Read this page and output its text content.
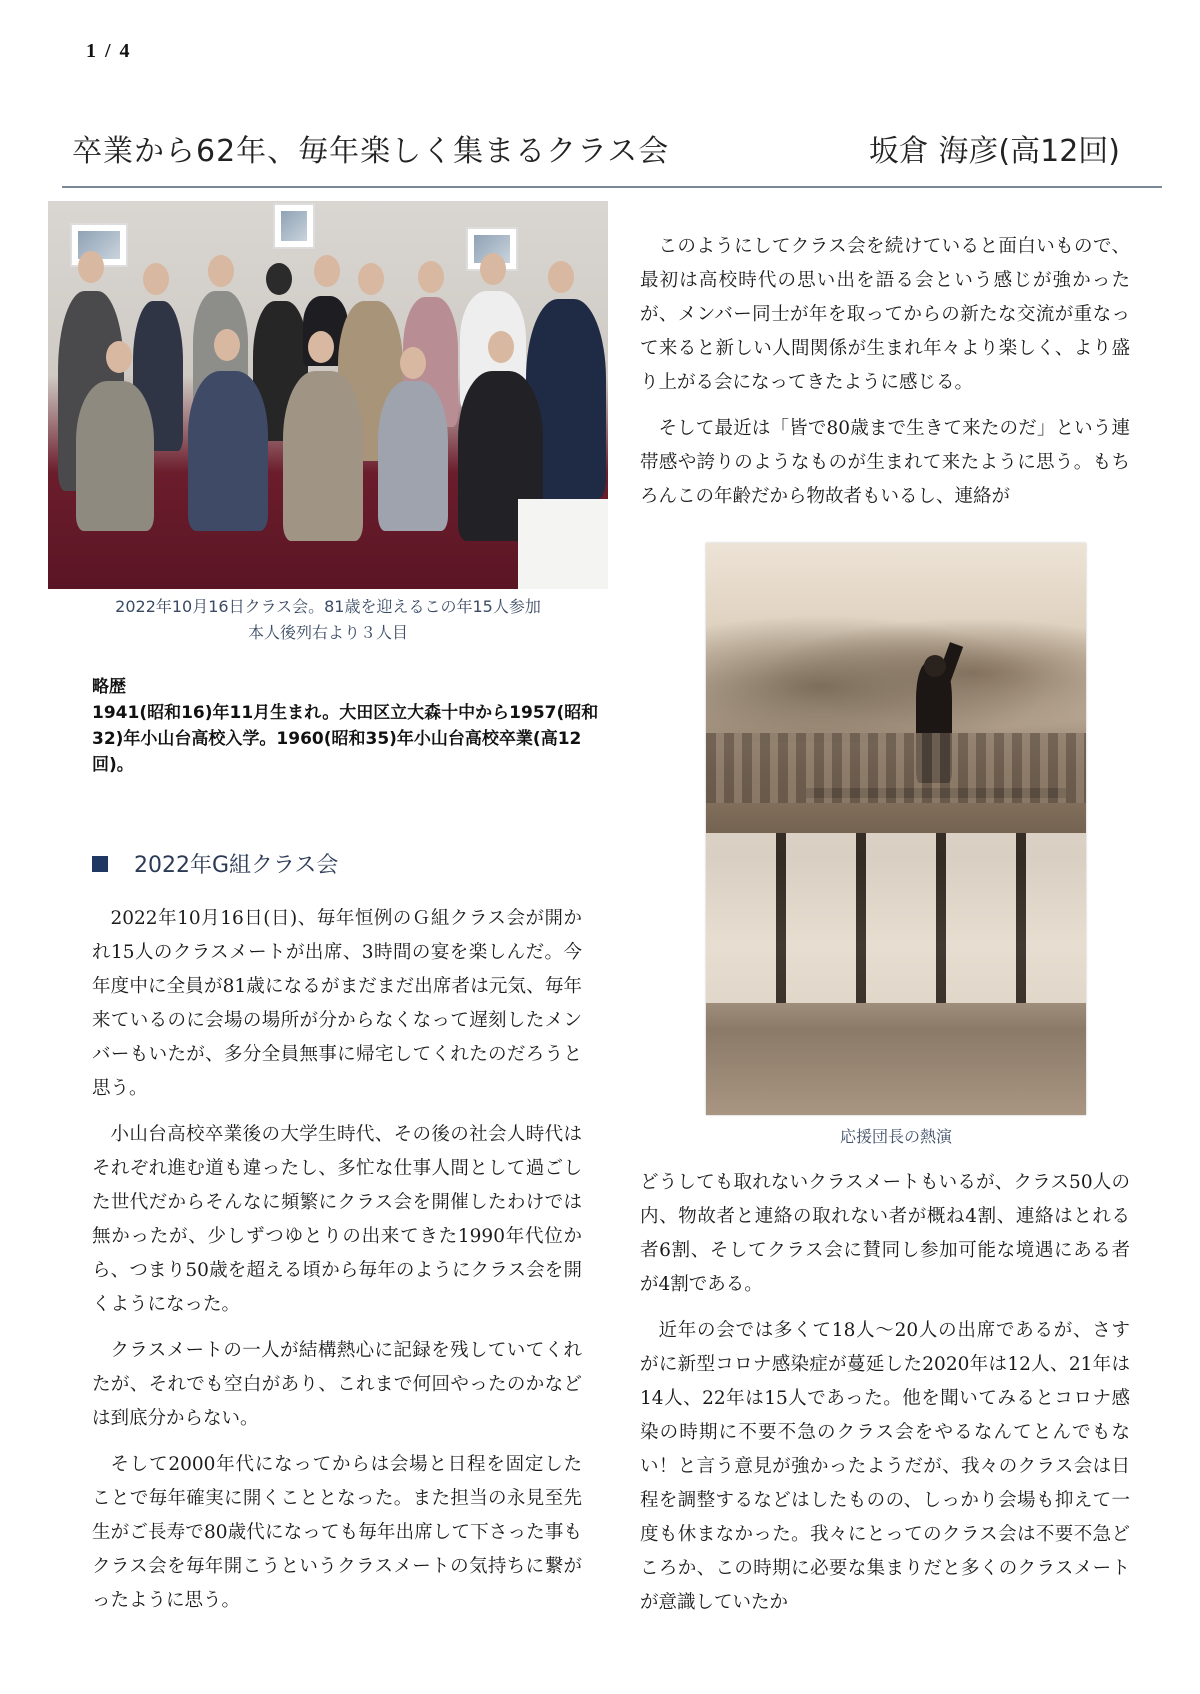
1 / 4
卒業から62年、毎年楽しく集まるクラス会	坂倉 海彦(高12回)
2022年10月16日クラス会。81歳を迎えるこの年15人参加
本人後列右より３人目
略歴
1941(昭和16)年11月生まれ。大田区立大森十中から1957(昭和32)年小山台高校入学。1960(昭和35)年小山台高校卒業(高12回)。
2022年G組クラス会

2022年10月16日(日)、毎年恒例のＧ組クラス会が開かれ15人のクラスメートが出席、3時間の宴を楽しんだ。今年度中に全員が81歳になるがまだまだ出席者は元気、毎年来ているのに会場の場所が分からなくなって遅刻したメンバーもいたが、多分全員無事に帰宅してくれたのだろうと思う。

小山台高校卒業後の大学生時代、その後の社会人時代はそれぞれ進む道も違ったし、多忙な仕事人間として過ごした世代だからそんなに頻繁にクラス会を開催したわけでは無かったが、少しずつゆとりの出来てきた1990年代位から、つまり50歳を超える頃から毎年のようにクラス会を開くようになった。

クラスメートの一人が結構熱心に記録を残していてくれたが、それでも空白があり、これまで何回やったのかなどは到底分からない。

そして2000年代になってからは会場と日程を固定したことで毎年確実に開くこととなった。また担当の永見至先生がご長寿で80歳代になっても毎年出席して下さった事もクラス会を毎年開こうというクラスメートの気持ちに繋がったように思う。

このようにしてクラス会を続けていると面白いもので、最初は高校時代の思い出を語る会という感じが強かったが、メンバー同士が年を取ってからの新たな交流が重なって来ると新しい人間関係が生まれ年々より楽しく、より盛り上がる会になってきたように感じる。

そして最近は「皆で80歳まで生きて来たのだ」という連帯感や誇りのようなものが生まれて来たように思う。もちろんこの年齢だから物故者もいるし、連絡が

応援団長の熱演

どうしても取れないクラスメートもいるが、クラス50人の内、物故者と連絡の取れない者が概ね4割、連絡はとれる者6割、そしてクラス会に賛同し参加可能な境遇にある者が4割である。

近年の会では多くて18人～20人の出席であるが、さすがに新型コロナ感染症が蔓延した2020年は12人、21年は14人、22年は15人であった。他を聞いてみるとコロナ感染の時期に不要不急のクラス会をやるなんてとんでもない！と言う意見が強かったようだが、我々のクラス会は日程を調整するなどはしたものの、しっかり会場も抑えて一度も休まなかった。我々にとってのクラス会は不要不急どころか、この時期に必要な集まりだと多くのクラスメートが意識していたか
